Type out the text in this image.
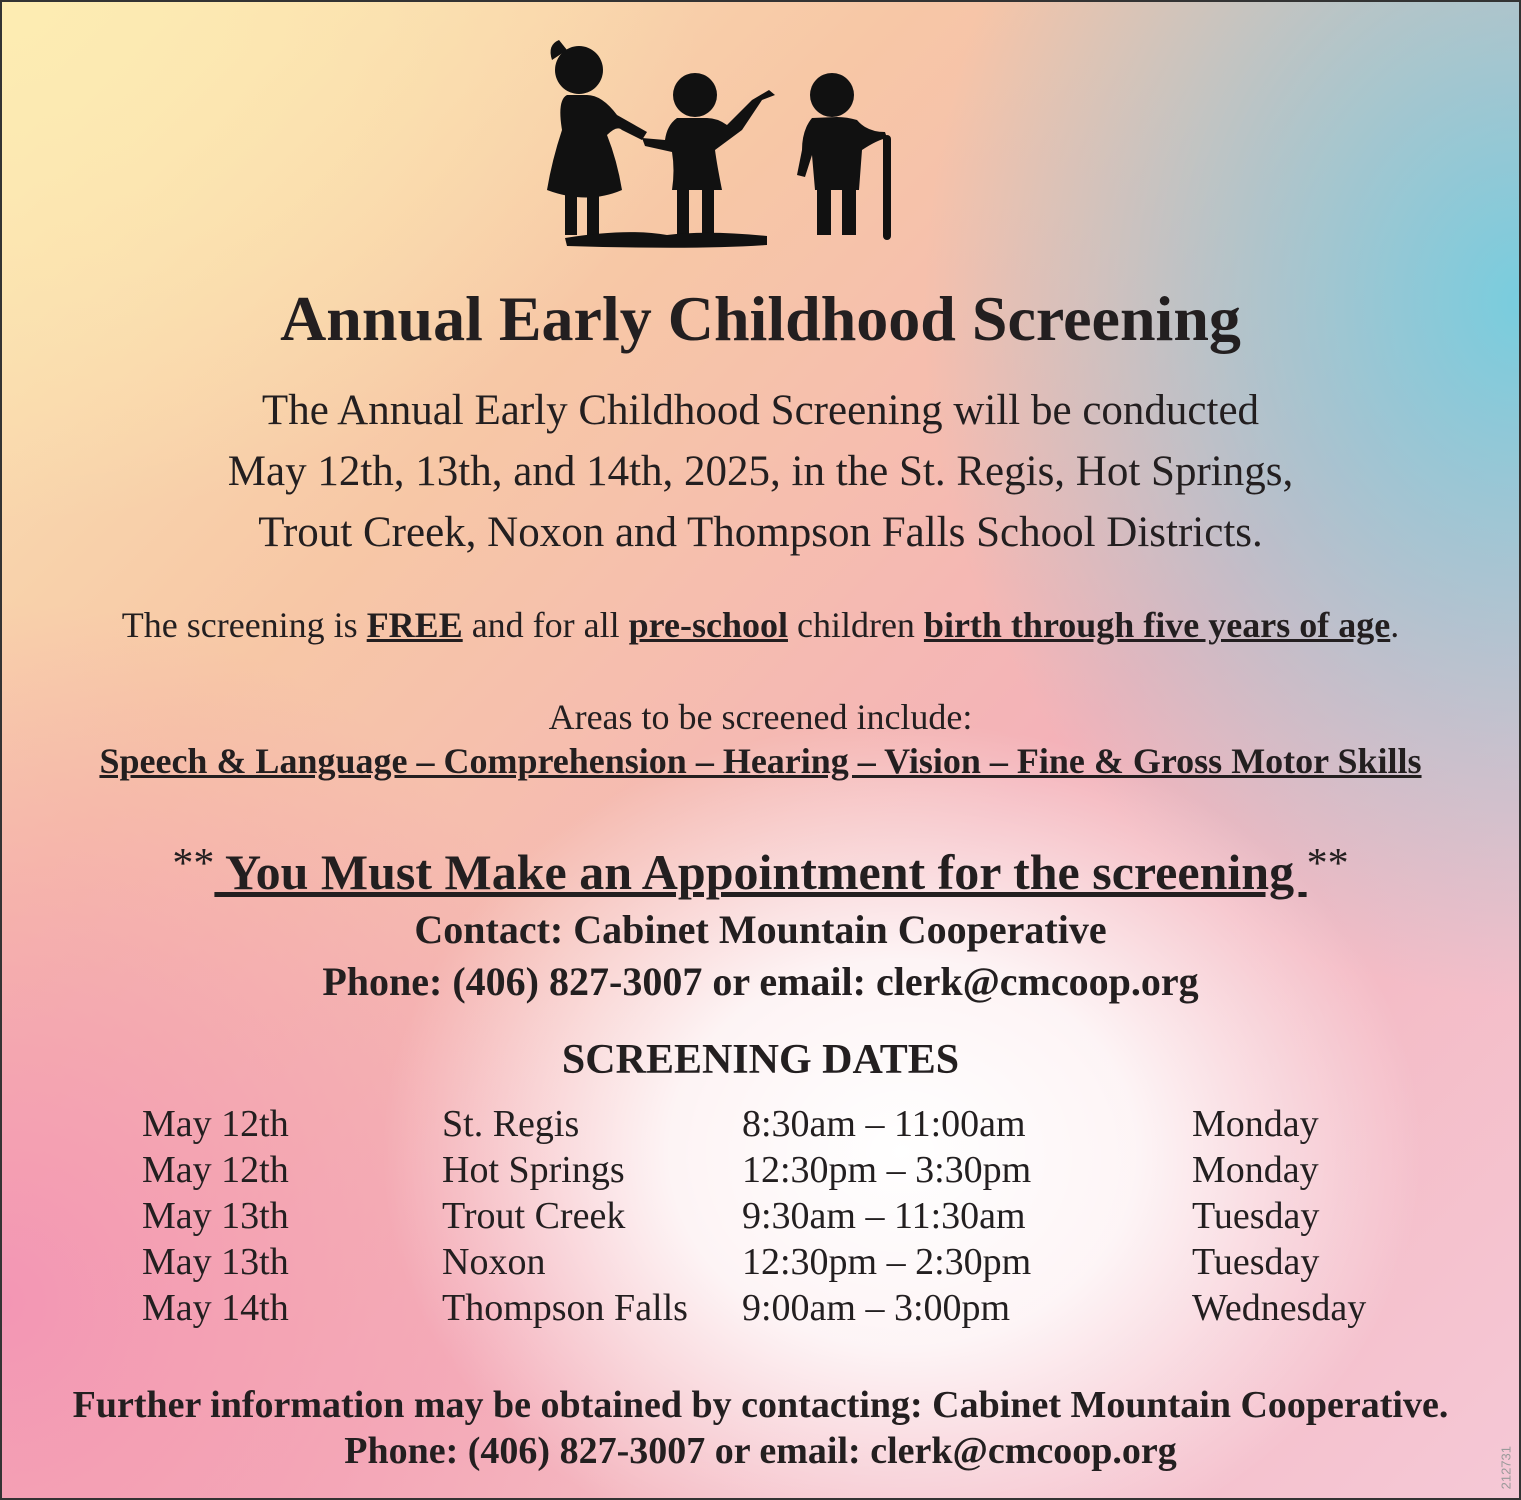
Annual Early Childhood Screening
The Annual Early Childhood Screening will be conducted
May 12th, 13th, and 14th, 2025, in the St. Regis, Hot Springs,
Trout Creek, Noxon and Thompson Falls School Districts.
The screening is FREE and for all pre-school children birth through five years of age.
Areas to be screened include:
Speech & Language – Comprehension – Hearing – Vision – Fine & Gross Motor Skills
** You Must Make an Appointment for the screening **
Contact: Cabinet Mountain Cooperative
Phone: (406) 827-3007 or email: clerk@cmcoop.org
SCREENING DATES
May 12th	St. Regis	8:30am – 11:00am	Monday
May 12th	Hot Springs	12:30pm – 3:30pm	Monday
May 13th	Trout Creek	9:30am – 11:30am	Tuesday
May 13th	Noxon	12:30pm – 2:30pm	Tuesday
May 14th	Thompson Falls 9:00am – 3:00pm	Wednesday
Further information may be obtained by contacting: Cabinet Mountain Cooperative.
Phone: (406) 827-3007 or email: clerk@cmcoop.org	212731
